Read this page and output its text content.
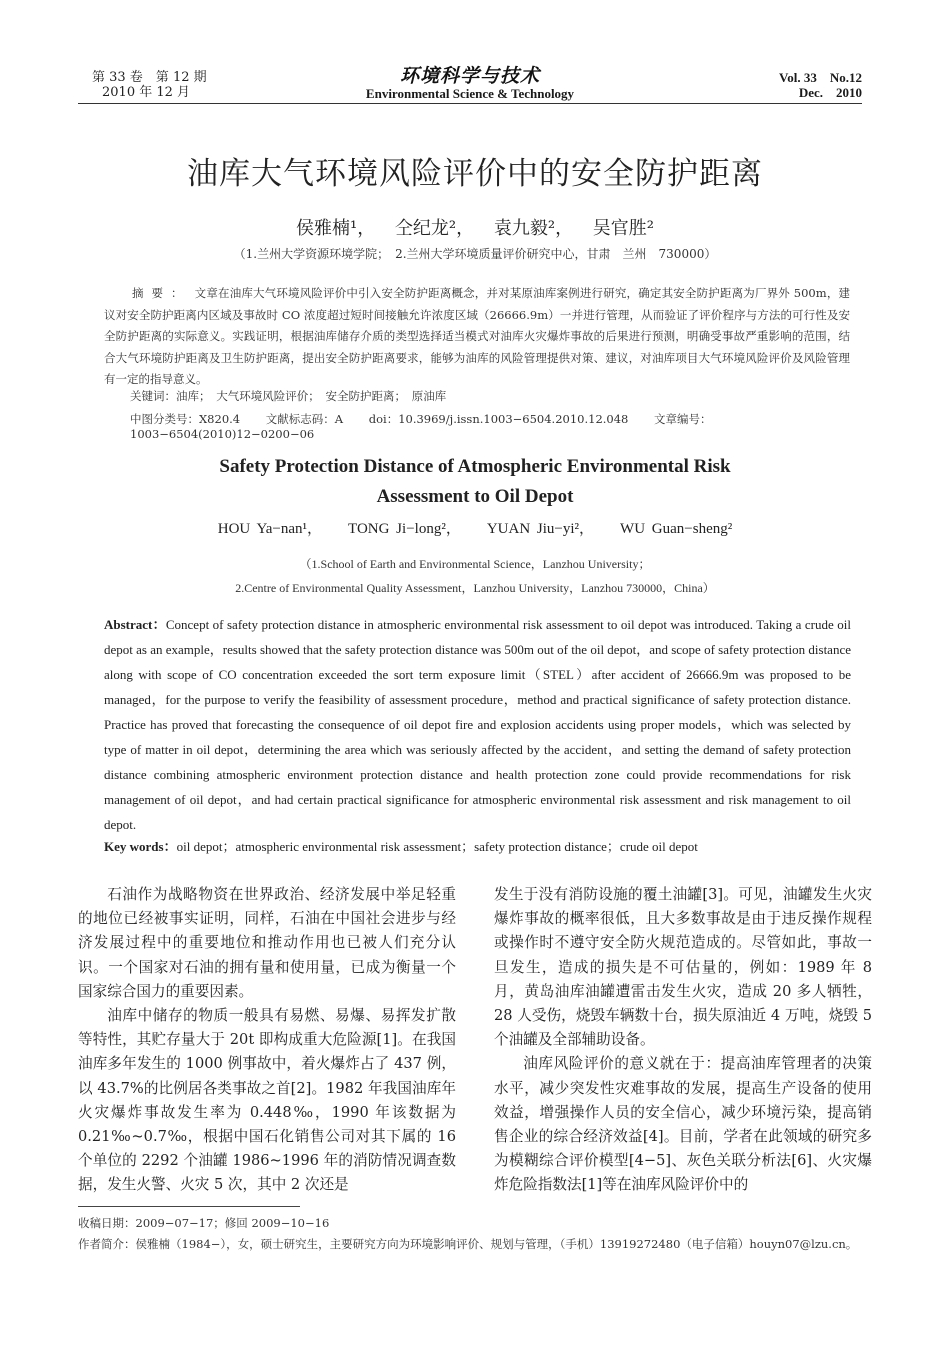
第 33 卷　第 12 期
2010 年 12 月
环境科学与技术
Environmental Science & Technology
Vol. 33　No.12
Dec.　2010
油库大气环境风险评价中的安全防护距离
侯雅楠¹， 仝纪龙²， 袁九毅²， 吴官胜²
（1.兰州大学资源环境学院；　2.兰州大学环境质量评价研究中心，甘肃　兰州　730000）
摘要： 文章在油库大气环境风险评价中引入安全防护距离概念，并对某原油库案例进行研究，确定其安全防护距离为厂界外 500m，建议对安全防护距离内区域及事故时 CO 浓度超过短时间接触允许浓度区域（26666.9m）一并进行管理，从而验证了评价程序与方法的可行性及安全防护距离的实际意义。实践证明，根据油库储存介质的类型选择适当模式对油库火灾爆炸事故的后果进行预测，明确受事故严重影响的范围，结合大气环境防护距离及卫生防护距离，提出安全防护距离要求，能够为油库的风险管理提供对策、建议，对油库项目大气环境风险评价及风险管理有一定的指导意义。
关键词：油库；　大气环境风险评价；　安全防护距离；　原油库
中图分类号：X820.4 文献标志码：A doi：10.3969/j.issn.1003−6504.2010.12.048 文章编号：1003−6504(2010)12−0200−06
Safety Protection Distance of Atmospheric Environmental Risk
Assessment to Oil Depot
HOU Ya−nan¹， TONG Ji−long²， YUAN Jiu−yi²， WU Guan−sheng²
（1.School of Earth and Environmental Science，Lanzhou University；
2.Centre of Environmental Quality Assessment，Lanzhou University，Lanzhou 730000，China）
Abstract：Concept of safety protection distance in atmospheric environmental risk assessment to oil depot was introduced. Taking a crude oil depot as an example，results showed that the safety protection distance was 500m out of the oil depot，and scope of safety protection distance along with scope of CO concentration exceeded the sort term exposure limit（STEL）after accident of 26666.9m was proposed to be managed，for the purpose to verify the feasibility of assessment procedure，method and practical significance of safety protection distance. Practice has proved that forecasting the consequence of oil depot fire and explosion accidents using proper models，which was selected by type of matter in oil depot，determining the area which was seriously affected by the accident，and setting the demand of safety protection distance combining atmospheric environment protection distance and health protection zone could provide recommendations for risk management of oil depot，and had certain practical significance for atmospheric environmental risk assessment and risk management to oil depot.
Key words：oil depot；atmospheric environmental risk assessment；safety protection distance；crude oil depot

石油作为战略物资在世界政治、经济发展中举足轻重的地位已经被事实证明，同样，石油在中国社会进步与经济发展过程中的重要地位和推动作用也已被人们充分认识。一个国家对石油的拥有量和使用量，已成为衡量一个国家综合国力的重要因素。

油库中储存的物质一般具有易燃、易爆、易挥发扩散等特性，其贮存量大于 20t 即构成重大危险源[1]。在我国油库多年发生的 1000 例事故中，着火爆炸占了 437 例，以 43.7%的比例居各类事故之首[2]。1982 年我国油库年火灾爆炸事故发生率为 0.448‰，1990 年该数据为 0.21‰~0.7‰，根据中国石化销售公司对其下属的 16 个单位的 2292 个油罐 1986~1996 年的消防情况调查数据，发生火警、火灾 5 次，其中 2 次还是

发生于没有消防设施的覆土油罐[3]。可见，油罐发生火灾爆炸事故的概率很低，且大多数事故是由于违反操作规程或操作时不遵守安全防火规范造成的。尽管如此，事故一旦发生，造成的损失是不可估量的，例如：1989 年 8 月，黄岛油库油罐遭雷击发生火灾，造成 20 多人牺牲，28 人受伤，烧毁车辆数十台，损失原油近 4 万吨，烧毁 5 个油罐及全部辅助设备。

油库风险评价的意义就在于：提高油库管理者的决策水平，减少突发性灾难事故的发展，提高生产设备的使用效益，增强操作人员的安全信心，减少环境污染，提高销售企业的综合经济效益[4]。目前，学者在此领域的研究多为模糊综合评价模型[4−5]、灰色关联分析法[6]、火灾爆炸危险指数法[1]等在油库风险评价中的

收稿日期：2009−07−17；修回 2009−10−16
作者简介：侯雅楠（1984−），女，硕士研究生，主要研究方向为环境影响评价、规划与管理，（手机）13919272480（电子信箱）houyn07@lzu.cn。
